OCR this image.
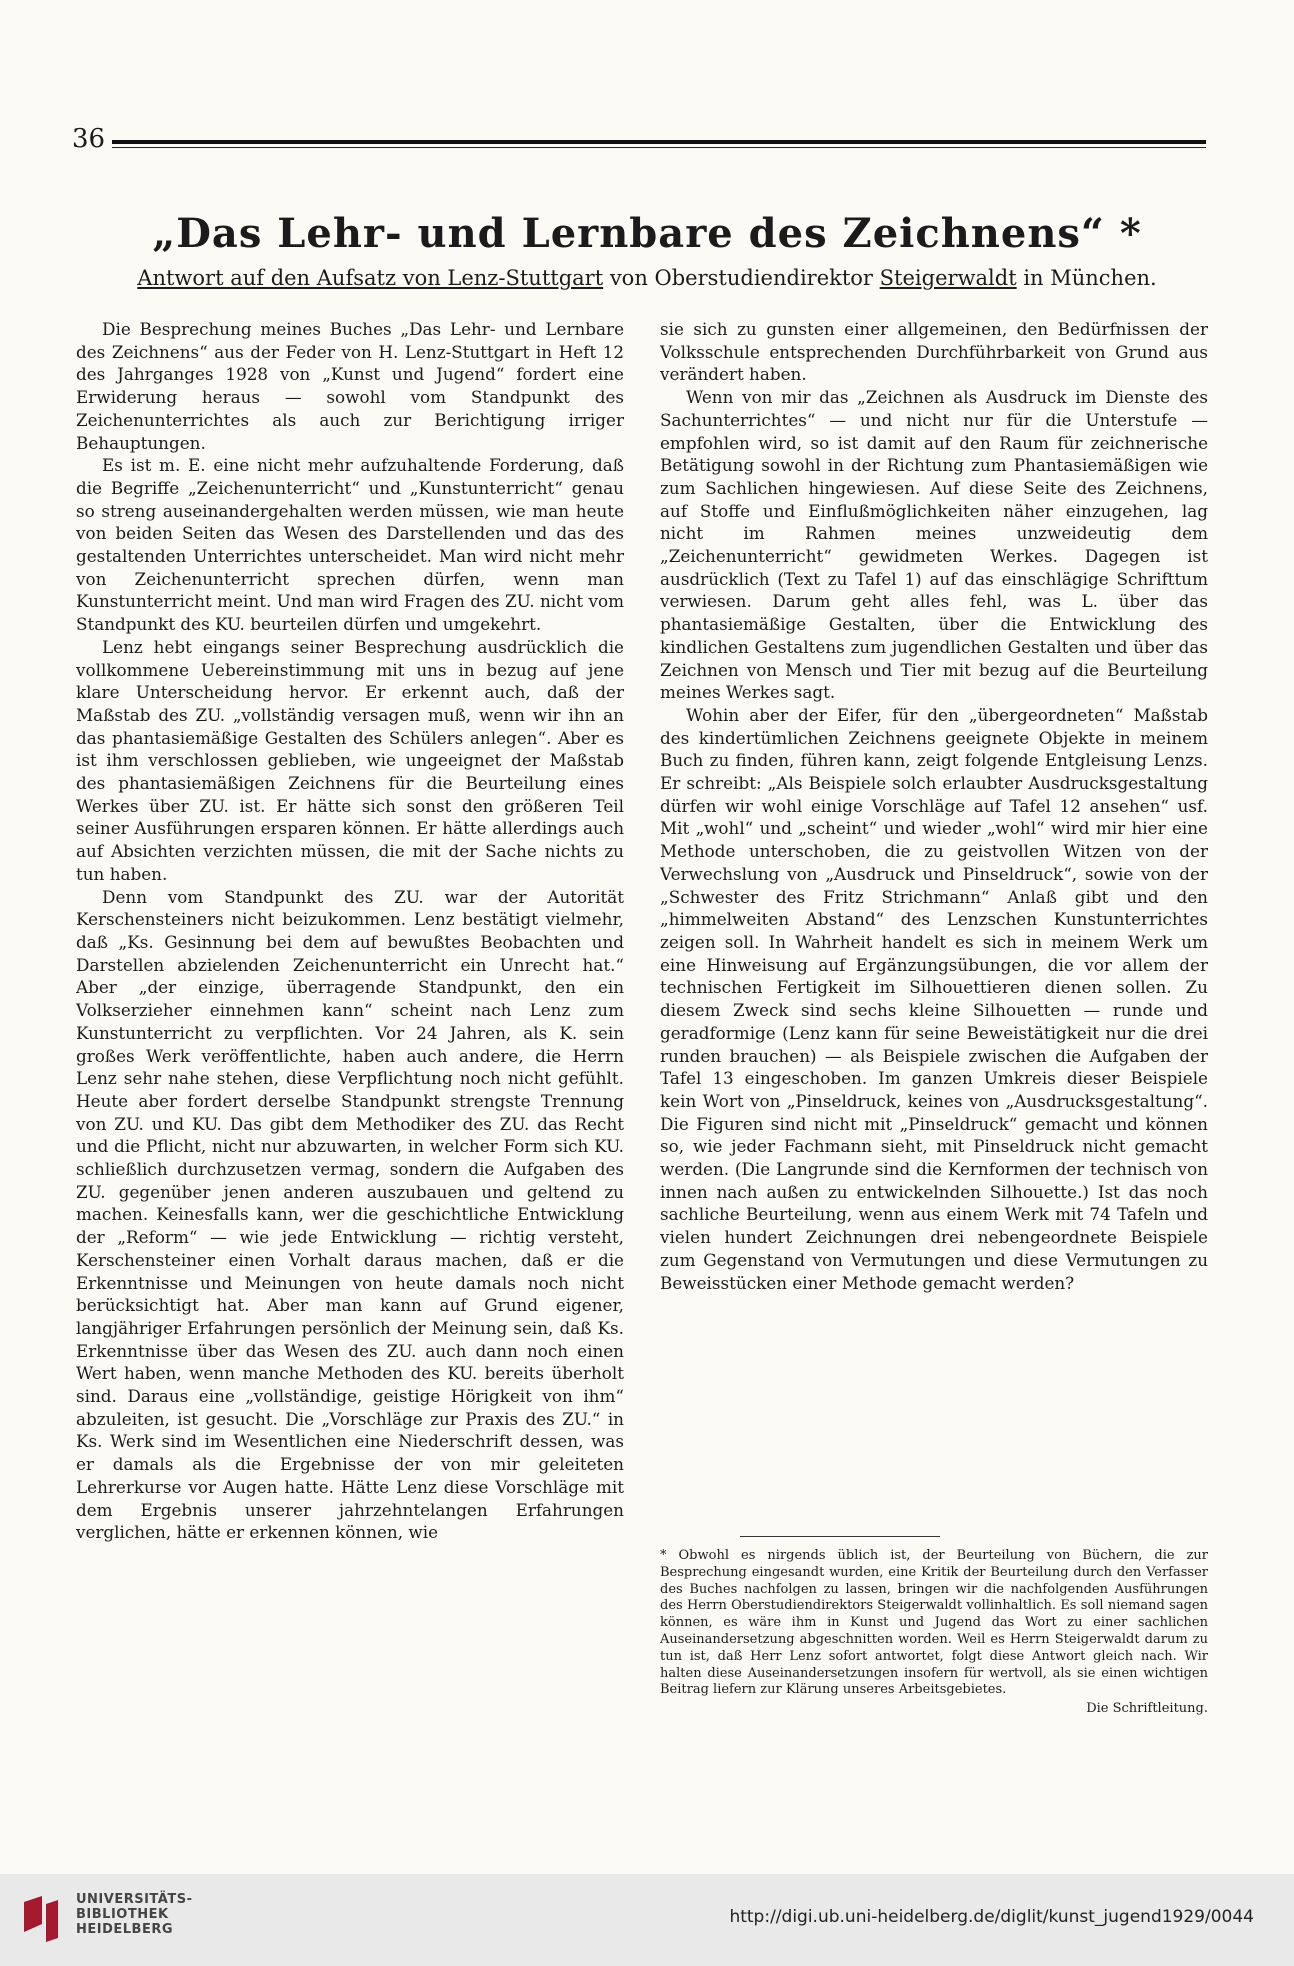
36
„Das Lehr- und Lernbare des Zeichnens“ *
Antwort auf den Aufsatz von Lenz-Stuttgart von Oberstudiendirektor Steigerwaldt in München.

Die Besprechung meines Buches „Das Lehr- und Lernbare des Zeichnens“ aus der Feder von H. Lenz-Stuttgart in Heft 12 des Jahrganges 1928 von „Kunst und Jugend“ fordert eine Erwiderung heraus — sowohl vom Standpunkt des Zeichenunterrichtes als auch zur Berichtigung irriger Behauptungen.

Es ist m. E. eine nicht mehr aufzuhaltende Forderung, daß die Begriffe „Zeichenunterricht“ und „Kunstunterricht“ genau so streng auseinandergehalten werden müssen, wie man heute von beiden Seiten das Wesen des Darstellenden und das des gestaltenden Unterrichtes unterscheidet. Man wird nicht mehr von Zeichenunterricht sprechen dürfen, wenn man Kunstunterricht meint. Und man wird Fragen des ZU. nicht vom Standpunkt des KU. beurteilen dürfen und umgekehrt.

Lenz hebt eingangs seiner Besprechung ausdrücklich die vollkommene Uebereinstimmung mit uns in bezug auf jene klare Unterscheidung hervor. Er erkennt auch, daß der Maßstab des ZU. „vollständig versagen muß, wenn wir ihn an das phantasiemäßige Gestalten des Schülers anlegen“. Aber es ist ihm verschlossen geblieben, wie ungeeignet der Maßstab des phantasiemäßigen Zeichnens für die Beurteilung eines Werkes über ZU. ist. Er hätte sich sonst den größeren Teil seiner Ausführungen ersparen können. Er hätte allerdings auch auf Absichten verzichten müssen, die mit der Sache nichts zu tun haben.

Denn vom Standpunkt des ZU. war der Autorität Kerschensteiners nicht beizukommen. Lenz bestätigt vielmehr, daß „Ks. Gesinnung bei dem auf bewußtes Beobachten und Darstellen abzielenden Zeichenunterricht ein Unrecht hat.“ Aber „der einzige, überragende Standpunkt, den ein Volkserzieher einnehmen kann“ scheint nach Lenz zum Kunstunterricht zu verpflichten. Vor 24 Jahren, als K. sein großes Werk veröffentlichte, haben auch andere, die Herrn Lenz sehr nahe stehen, diese Verpflichtung noch nicht gefühlt. Heute aber fordert derselbe Standpunkt strengste Trennung von ZU. und KU. Das gibt dem Methodiker des ZU. das Recht und die Pflicht, nicht nur abzuwarten, in welcher Form sich KU. schließlich durchzusetzen vermag, sondern die Aufgaben des ZU. gegenüber jenen anderen auszubauen und geltend zu machen. Keinesfalls kann, wer die geschichtliche Entwicklung der „Reform“ — wie jede Entwicklung — richtig versteht, Kerschensteiner einen Vorhalt daraus machen, daß er die Erkenntnisse und Meinungen von heute damals noch nicht berücksichtigt hat. Aber man kann auf Grund eigener, langjähriger Erfahrungen persönlich der Meinung sein, daß Ks. Erkenntnisse über das Wesen des ZU. auch dann noch einen Wert haben, wenn manche Methoden des KU. bereits überholt sind. Daraus eine „vollständige, geistige Hörigkeit von ihm“ abzuleiten, ist gesucht. Die „Vorschläge zur Praxis des ZU.“ in Ks. Werk sind im Wesentlichen eine Niederschrift dessen, was er damals als die Ergebnisse der von mir geleiteten Lehrerkurse vor Augen hatte. Hätte Lenz diese Vorschläge mit dem Ergebnis unserer jahrzehntelangen Erfahrungen verglichen, hätte er erkennen können, wie

sie sich zu gunsten einer allgemeinen, den Bedürfnissen der Volksschule entsprechenden Durchführbarkeit von Grund aus verändert haben.

Wenn von mir das „Zeichnen als Ausdruck im Dienste des Sachunterrichtes“ — und nicht nur für die Unterstufe — empfohlen wird, so ist damit auf den Raum für zeichnerische Betätigung sowohl in der Richtung zum Phantasiemäßigen wie zum Sachlichen hingewiesen. Auf diese Seite des Zeichnens, auf Stoffe und Einflußmöglichkeiten näher einzugehen, lag nicht im Rahmen meines unzweideutig dem „Zeichenunterricht“ gewidmeten Werkes. Dagegen ist ausdrücklich (Text zu Tafel 1) auf das einschlägige Schrifttum verwiesen. Darum geht alles fehl, was L. über das phantasiemäßige Gestalten, über die Entwicklung des kindlichen Gestaltens zum jugendlichen Gestalten und über das Zeichnen von Mensch und Tier mit bezug auf die Beurteilung meines Werkes sagt.

Wohin aber der Eifer, für den „übergeordneten“ Maßstab des kindertümlichen Zeichnens geeignete Objekte in meinem Buch zu finden, führen kann, zeigt folgende Entgleisung Lenzs. Er schreibt: „Als Beispiele solch erlaubter Ausdrucksgestaltung dürfen wir wohl einige Vorschläge auf Tafel 12 ansehen“ usf. Mit „wohl“ und „scheint“ und wieder „wohl“ wird mir hier eine Methode unterschoben, die zu geistvollen Witzen von der Verwechslung von „Ausdruck und Pinseldruck“, sowie von der „Schwester des Fritz Strichmann“ Anlaß gibt und den „himmelweiten Abstand“ des Lenzschen Kunstunterrichtes zeigen soll. In Wahrheit handelt es sich in meinem Werk um eine Hinweisung auf Ergänzungsübungen, die vor allem der technischen Fertigkeit im Silhouettieren dienen sollen. Zu diesem Zweck sind sechs kleine Silhouetten — runde und geradformige (Lenz kann für seine Beweistätigkeit nur die drei runden brauchen) — als Beispiele zwischen die Aufgaben der Tafel 13 eingeschoben. Im ganzen Umkreis dieser Beispiele kein Wort von „Pinseldruck, keines von „Ausdrucksgestaltung“. Die Figuren sind nicht mit „Pinseldruck“ gemacht und können so, wie jeder Fachmann sieht, mit Pinseldruck nicht gemacht werden. (Die Langrunde sind die Kernformen der technisch von innen nach außen zu entwickelnden Silhouette.) Ist das noch sachliche Beurteilung, wenn aus einem Werk mit 74 Tafeln und vielen hundert Zeichnungen drei nebengeordnete Beispiele zum Gegenstand von Vermutungen und diese Vermutungen zu Beweisstücken einer Methode gemacht werden?

* Obwohl es nirgends üblich ist, der Beurteilung von Büchern, die zur Besprechung eingesandt wurden, eine Kritik der Beurteilung durch den Verfasser des Buches nachfolgen zu lassen, bringen wir die nachfolgenden Ausführungen des Herrn Oberstudiendirektors Steigerwaldt vollinhaltlich. Es soll niemand sagen können, es wäre ihm in Kunst und Jugend das Wort zu einer sachlichen Auseinandersetzung abgeschnitten worden. Weil es Herrn Steigerwaldt darum zu tun ist, daß Herr Lenz sofort antwortet, folgt diese Antwort gleich nach. Wir halten diese Auseinandersetzungen insofern für wertvoll, als sie einen wichtigen Beitrag liefern zur Klärung unseres Arbeitsgebietes.

Die Schriftleitung.

UNIVERSITÄTS-
BIBLIOTHEK
HEIDELBERG
http://digi.ub.uni-heidelberg.de/diglit/kunst_jugend1929/0044
